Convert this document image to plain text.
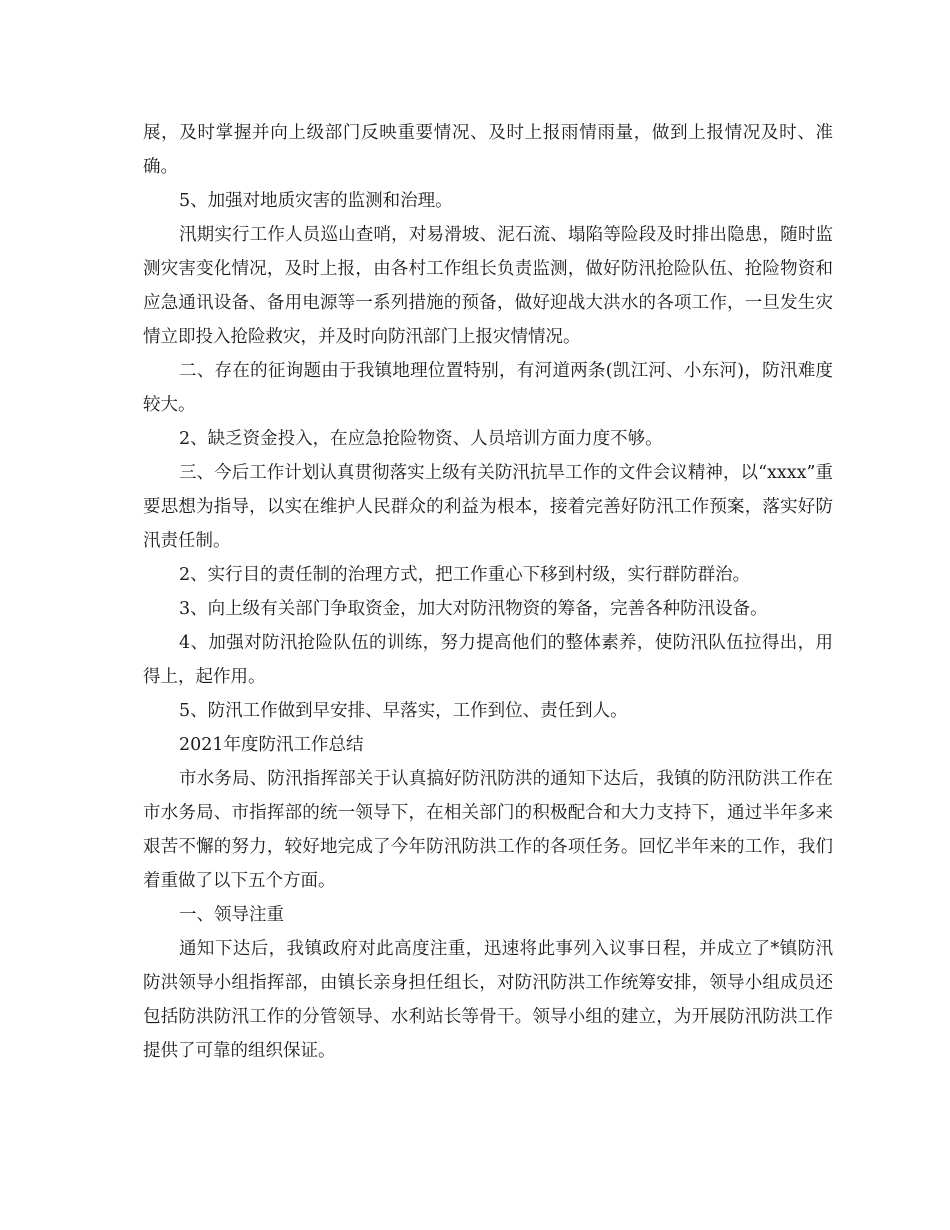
展，及时掌握并向上级部门反映重要情况、及时上报雨情雨量，做到上报情况及时、准确。

5、加强对地质灾害的监测和治理。

汛期实行工作人员巡山查哨，对易滑坡、泥石流、塌陷等险段及时排出隐患，随时监测灾害变化情况，及时上报，由各村工作组长负责监测，做好防汛抢险队伍、抢险物资和应急通讯设备、备用电源等一系列措施的预备，做好迎战大洪水的各项工作，一旦发生灾情立即投入抢险救灾，并及时向防汛部门上报灾情情况。

二、存在的征询题由于我镇地理位置特别，有河道两条(凯江河、小东河)，防汛难度较大。

2、缺乏资金投入，在应急抢险物资、人员培训方面力度不够。

三、今后工作计划认真贯彻落实上级有关防汛抗旱工作的文件会议精神，以“xxxx”重要思想为指导，以实在维护人民群众的利益为根本，接着完善好防汛工作预案，落实好防汛责任制。

2、实行目的责任制的治理方式，把工作重心下移到村级，实行群防群治。

3、向上级有关部门争取资金，加大对防汛物资的筹备，完善各种防汛设备。

4、加强对防汛抢险队伍的训练，努力提高他们的整体素养，使防汛队伍拉得出，用得上，起作用。

5、防汛工作做到早安排、早落实，工作到位、责任到人。

2021年度防汛工作总结

市水务局、防汛指挥部关于认真搞好防汛防洪的通知下达后，我镇的防汛防洪工作在市水务局、市指挥部的统一领导下，在相关部门的积极配合和大力支持下，通过半年多来艰苦不懈的努力，较好地完成了今年防汛防洪工作的各项任务。回忆半年来的工作，我们着重做了以下五个方面。

一、领导注重

通知下达后，我镇政府对此高度注重，迅速将此事列入议事日程，并成立了*镇防汛防洪领导小组指挥部，由镇长亲身担任组长，对防汛防洪工作统筹安排，领导小组成员还包括防洪防汛工作的分管领导、水利站长等骨干。领导小组的建立，为开展防汛防洪工作提供了可靠的组织保证。
